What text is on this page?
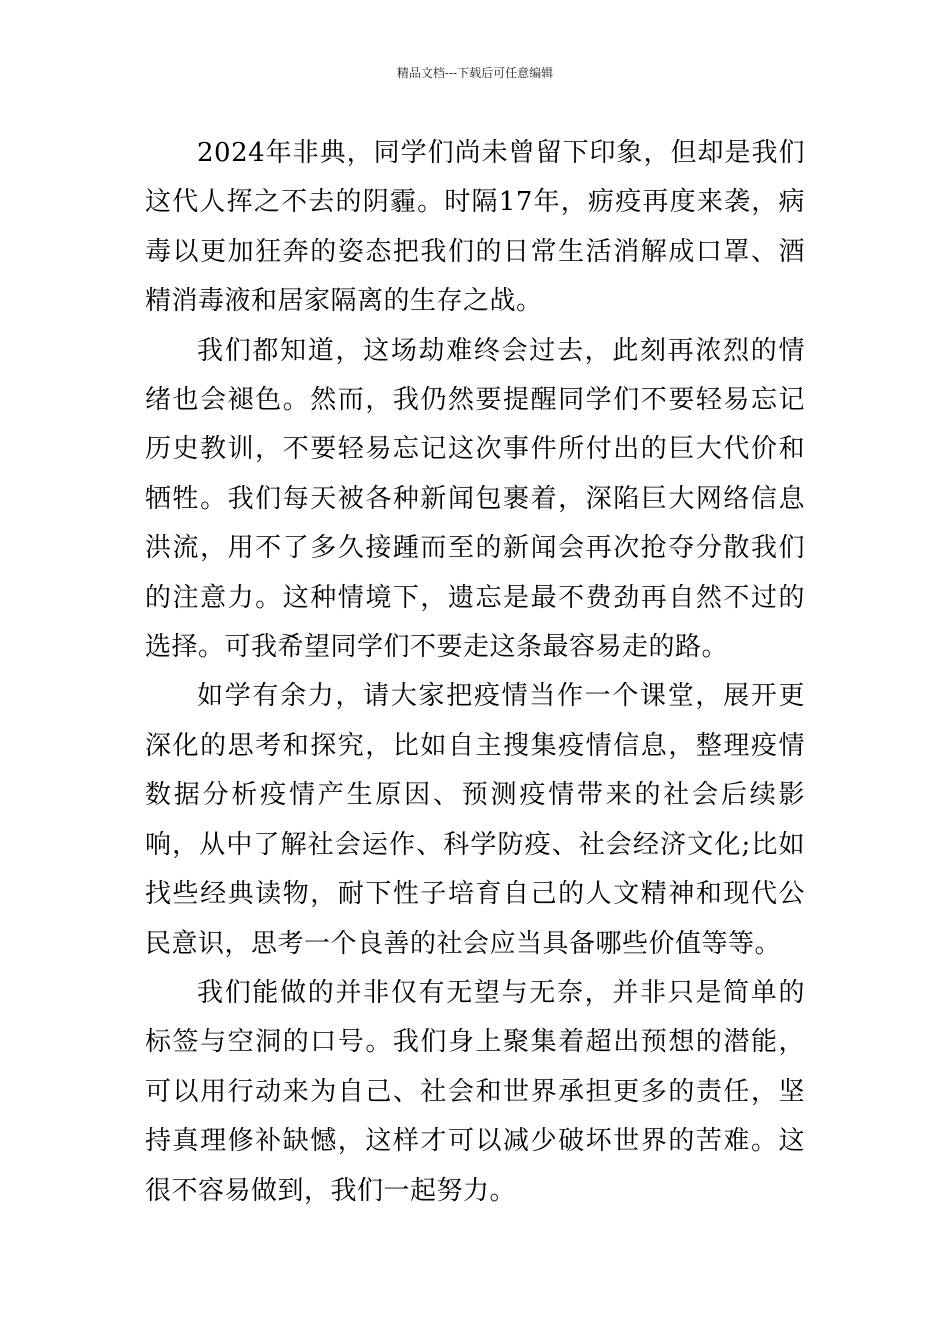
精品文档---下载后可任意编辑

2024年非典，同学们尚未曾留下印象，但却是我们这代人挥之不去的阴霾。时隔17年，疬疫再度来袭，病毒以更加狂奔的姿态把我们的日常生活消解成口罩、酒精消毒液和居家隔离的生存之战。

我们都知道，这场劫难终会过去，此刻再浓烈的情绪也会褪色。然而，我仍然要提醒同学们不要轻易忘记历史教训，不要轻易忘记这次事件所付出的巨大代价和牺牲。我们每天被各种新闻包裹着，深陷巨大网络信息洪流，用不了多久接踵而至的新闻会再次抢夺分散我们的注意力。这种情境下，遗忘是最不费劲再自然不过的选择。可我希望同学们不要走这条最容易走的路。

如学有余力，请大家把疫情当作一个课堂，展开更深化的思考和探究，比如自主搜集疫情信息，整理疫情数据分析疫情产生原因、预测疫情带来的社会后续影响，从中了解社会运作、科学防疫、社会经济文化;比如找些经典读物，耐下性子培育自己的人文精神和现代公民意识，思考一个良善的社会应当具备哪些价值等等。

我们能做的并非仅有无望与无奈，并非只是简单的标签与空洞的口号。我们身上聚集着超出预想的潜能，可以用行动来为自己、社会和世界承担更多的责任，坚持真理修补缺憾，这样才可以减少破坏世界的苦难。这很不容易做到，我们一起努力。
